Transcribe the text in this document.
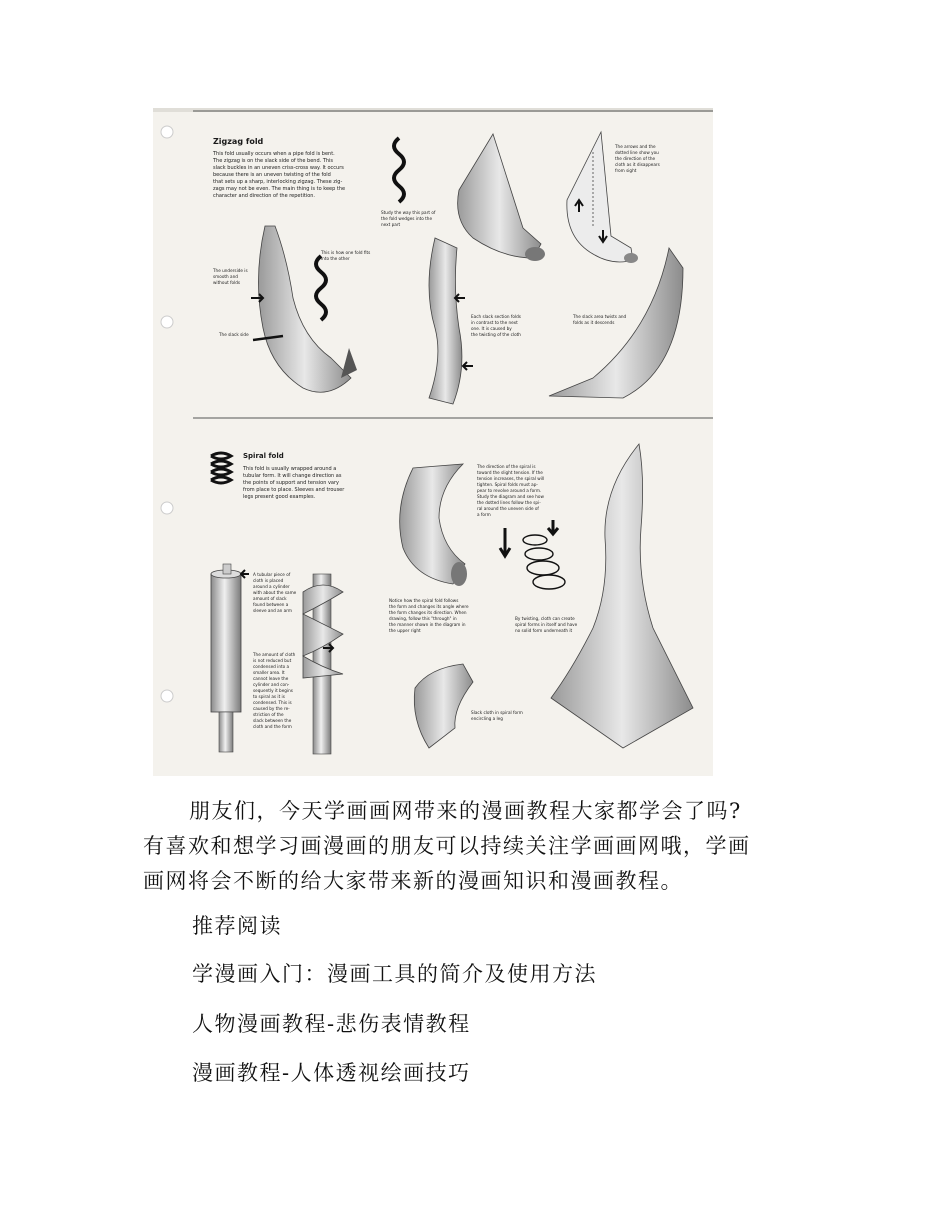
Zigzag fold
This fold usually occurs when a pipe fold is bent.
The zigzag is on the slack side of the bend. This
slack buckles in an uneven criss-cross way. It occurs
because there is an uneven twisting of the fold
that sets up a sharp, interlocking zigzag. These zig-
zags may not be even. The main thing is to keep the
character and direction of the repetition.
Study the way this part of
the fold wedges into the
next part
The arrows and the
dotted line show you
the direction of the
cloth as it disappears
from sight
This is how one fold fits
into the other
The underside is
smooth and
without folds
The slack side
Each slack section folds
in contrast to the next
one. It is caused by
the twisting of the cloth
The slack area twists and
folds as it descends
Spiral fold
This fold is usually wrapped around a
tubular form. It will change direction as
the points of support and tension vary
from place to place. Sleeves and trouser
legs present good examples.
The direction of the spiral is
toward the slight tension. If the
tension increases, the spiral will
tighten. Spiral folds must ap-
pear to revolve around a form.
Study the diagram and see how
the dotted lines follow the spi-
ral around the uneven side of
a form
A tubular piece of
cloth is placed
around a cylinder
with about the same
amount of slack
found between a
sleeve and an arm
The amount of cloth
is not reduced but
condensed into a
smaller area. It
cannot leave the
cylinder and con-
sequently it begins
to spiral as it is
condensed. This is
caused by the re-
striction of the
slack between the
cloth and the form
Notice how the spiral fold follows
the form and changes its angle where
the form changes its direction. When
drawing, follow this "through" in
the manner shown in the diagram in
the upper right
By twisting, cloth can create
spiral forms in itself and have
no solid form underneath it
Slack cloth in spiral form
encircling a leg
朋友们，今天学画画网带来的漫画教程大家都学会了吗?
有喜欢和想学习画漫画的朋友可以持续关注学画画网哦，学画
画网将会不断的给大家带来新的漫画知识和漫画教程。
推荐阅读
学漫画入门：漫画工具的简介及使用方法
人物漫画教程-悲伤表情教程
漫画教程-人体透视绘画技巧
